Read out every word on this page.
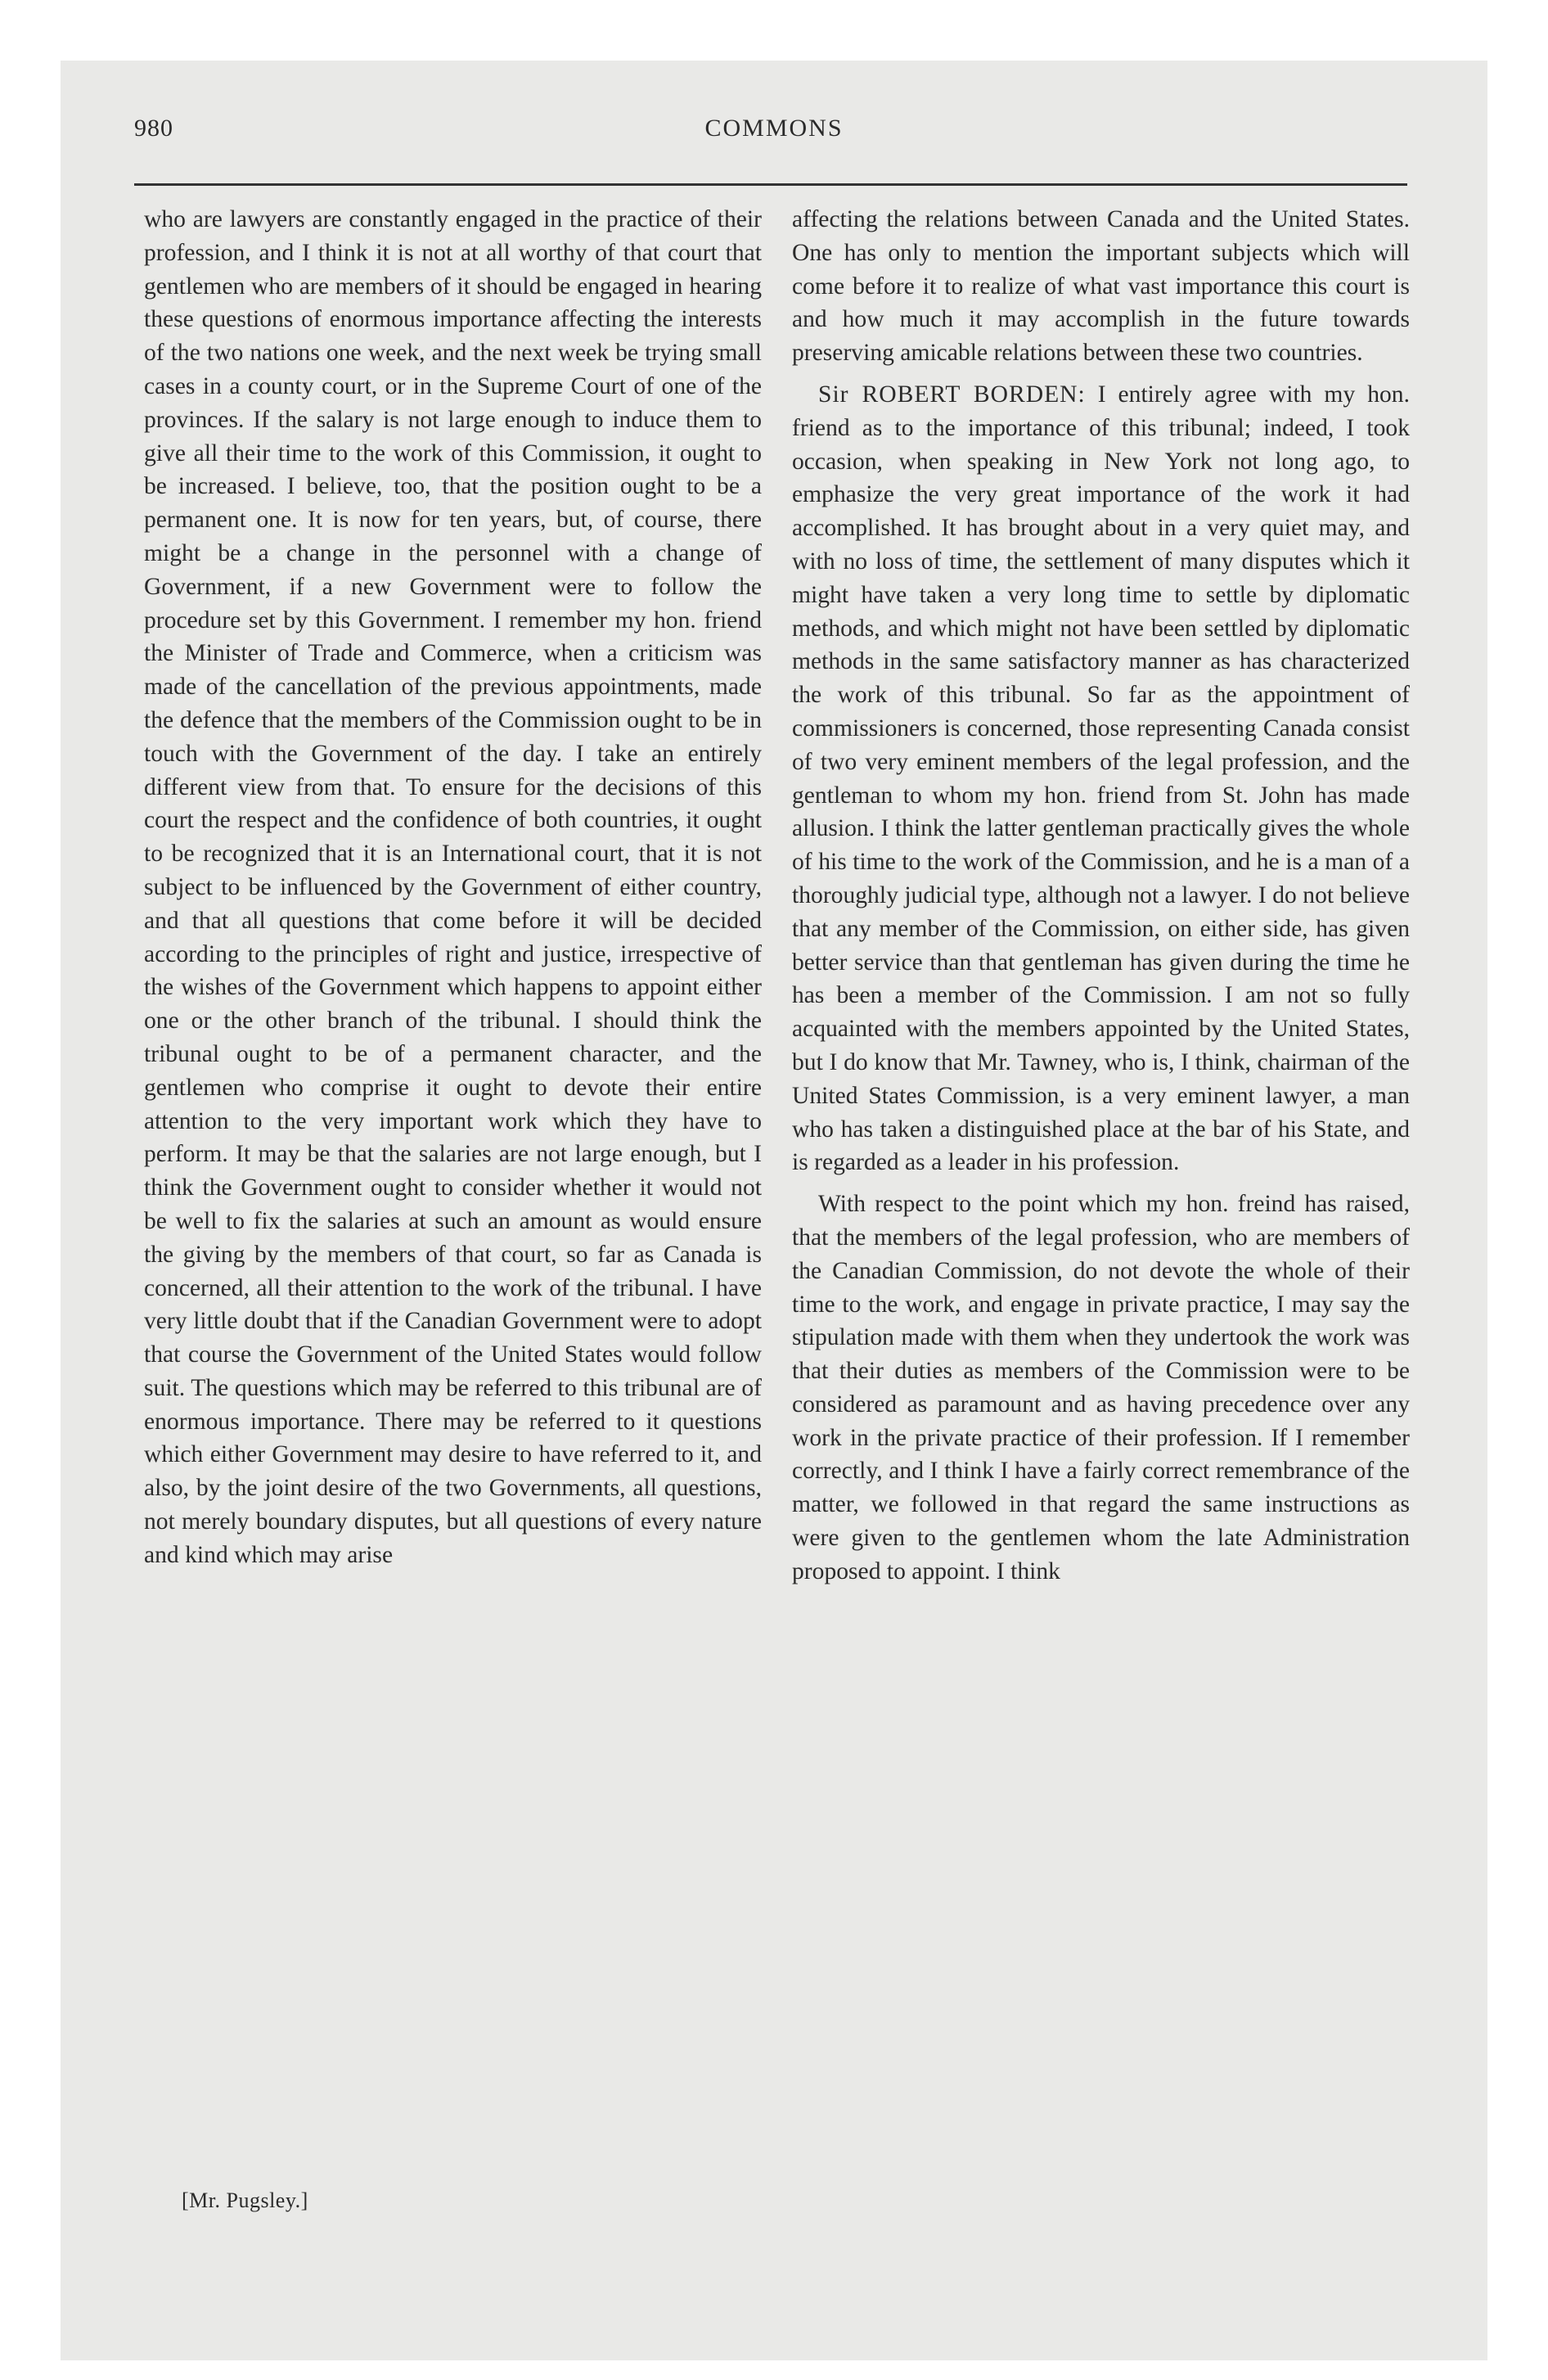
980	COMMONS

who are lawyers are constantly engaged in the practice of their profession, and I think it is not at all worthy of that court that gentlemen who are members of it should be engaged in hearing these questions of enormous importance affecting the interests of the two nations one week, and the next week be trying small cases in a county court, or in the Supreme Court of one of the provinces. If the salary is not large enough to induce them to give all their time to the work of this Commission, it ought to be increased. I believe, too, that the position ought to be a permanent one. It is now for ten years, but, of course, there might be a change in the personnel with a change of Government, if a new Government were to follow the procedure set by this Government. I remember my hon. friend the Minister of Trade and Commerce, when a criticism was made of the cancellation of the previous appointments, made the defence that the members of the Commission ought to be in touch with the Government of the day. I take an entirely different view from that. To ensure for the decisions of this court the respect and the confidence of both countries, it ought to be recognized that it is an International court, that it is not subject to be influenced by the Government of either country, and that all questions that come before it will be decided according to the principles of right and justice, irrespective of the wishes of the Government which happens to appoint either one or the other branch of the tribunal. I should think the tribunal ought to be of a permanent character, and the gentlemen who comprise it ought to devote their entire attention to the very important work which they have to perform. It may be that the salaries are not large enough, but I think the Government ought to consider whether it would not be well to fix the salaries at such an amount as would ensure the giving by the members of that court, so far as Canada is concerned, all their attention to the work of the tribunal. I have very little doubt that if the Canadian Government were to adopt that course the Government of the United States would follow suit. The questions which may be referred to this tribunal are of enormous importance. There may be referred to it questions which either Government may desire to have referred to it, and also, by the joint desire of the two Governments, all questions, not merely boundary disputes, but all questions of every nature and kind which may arise

[Mr. Pugsley.]

affecting the relations between Canada and the United States. One has only to mention the important subjects which will come before it to realize of what vast importance this court is and how much it may accomplish in the future towards preserving amicable relations between these two countries.

Sir ROBERT BORDEN: I entirely agree with my hon. friend as to the importance of this tribunal; indeed, I took occasion, when speaking in New York not long ago, to emphasize the very great importance of the work it had accomplished. It has brought about in a very quiet may, and with no loss of time, the settlement of many disputes which it might have taken a very long time to settle by diplomatic methods, and which might not have been settled by diplomatic methods in the same satisfactory manner as has characterized the work of this tribunal. So far as the appointment of commissioners is concerned, those representing Canada consist of two very eminent members of the legal profession, and the gentleman to whom my hon. friend from St. John has made allusion. I think the latter gentleman practically gives the whole of his time to the work of the Commission, and he is a man of a thoroughly judicial type, although not a lawyer. I do not believe that any member of the Commission, on either side, has given better service than that gentleman has given during the time he has been a member of the Commission. I am not so fully acquainted with the members appointed by the United States, but I do know that Mr. Tawney, who is, I think, chairman of the United States Commission, is a very eminent lawyer, a man who has taken a distinguished place at the bar of his State, and is regarded as a leader in his profession.

With respect to the point which my hon. freind has raised, that the members of the legal profession, who are members of the Canadian Commission, do not devote the whole of their time to the work, and engage in private practice, I may say the stipulation made with them when they undertook the work was that their duties as members of the Commission were to be considered as paramount and as having precedence over any work in the private practice of their profession. If I remember correctly, and I think I have a fairly correct remembrance of the matter, we followed in that regard the same instructions as were given to the gentlemen whom the late Administration proposed to appoint. I think
